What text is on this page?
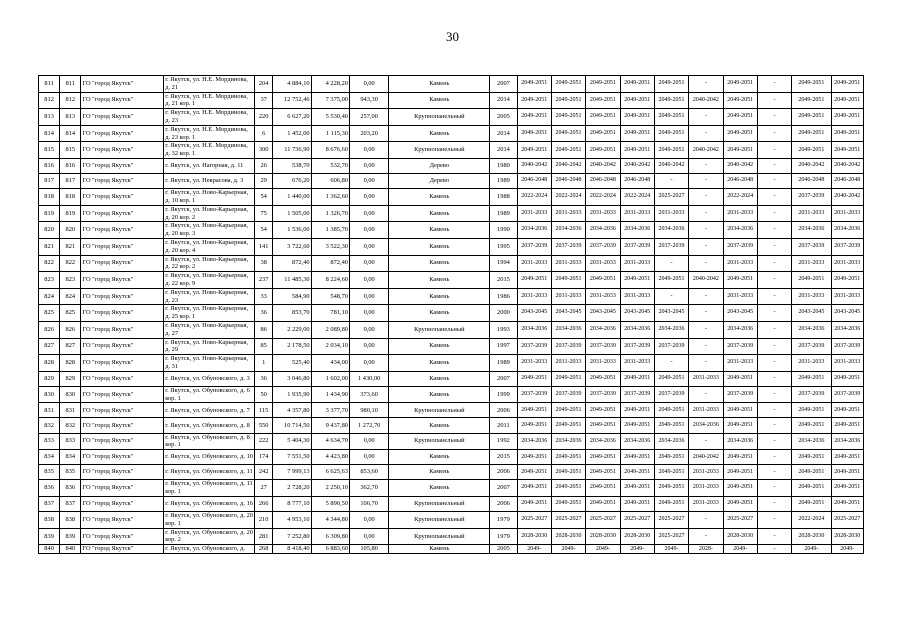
30
811	811	ГО "город Якутск"	г. Якутск, ул. Н.Е. Мординова, д. 21	204	4 884,10	4 228,20	0,00	Камень	2007	2049-2051	2049-2051	2049-2051	2049-2051	2049-2051	-	2049-2051	-	2049-2051	2049-2051
812	812	ГО "город Якутск"	г. Якутск, ул. Н.Е. Мординова, д. 21 кор. 1	37	12 752,46	7 375,00	943,30	Камень	2014	2049-2051	2049-2051	2049-2051	2049-2051	2049-2051	2040-2042	2049-2051	-	2049-2051	2049-2051
813	813	ГО "город Якутск"	г. Якутск, ул. Н.Е. Мординова, д. 23	220	6 627,20	5 530,40	257,00	Крупнопанельный	2005	2049-2051	2049-2051	2049-2051	2049-2051	2049-2051	-	2049-2051	-	2049-2051	2049-2051
814	814	ГО "город Якутск"	г. Якутск, ул. Н.Е. Мординова, д. 23 кор. 1	6	1 452,00	1 115,30	203,20	Камень	2014	2049-2051	2049-2051	2049-2051	2049-2051	2049-2051	-	2049-2051	-	2049-2051	2049-2051
815	815	ГО "город Якутск"	г. Якутск, ул. Н.Е. Мординова, д. 32 кор. 1	300	11 736,90	8 676,60	0,00	Крупнопанельный	2014	2049-2051	2049-2051	2049-2051	2049-2051	2049-2051	2040-2042	2049-2051	-	2049-2051	2049-2051
816	816	ГО "город Якутск"	г. Якутск, ул. Нагорная, д. 11	26	538,70	532,70	0,00	Дерево	1980	2040-2042	2040-2042	2040-2042	2040-2042	2040-2042	-	2040-2042	-	2040-2042	2040-2042
817	817	ГО "город Якутск"	г. Якутск, ул. Некрасова, д. 3	29	676,20	606,80	0,00	Дерево	1989	2046-2048	2046-2048	2046-2048	2046-2048	-	-	2046-2048	-	2046-2048	2046-2048
818	818	ГО "город Якутск"	г. Якутск, ул. Ново-Карьерная, д. 10 кор. 1	54	1 440,00	1 362,60	0,00	Камень	1988	2022-2024	2022-2024	2022-2024	2022-2024	2025-2027	-	2022-2024	-	2037-2039	2040-2042
819	819	ГО "город Якутск"	г. Якутск, ул. Ново-Карьерная, д. 20 кор. 2	75	1 505,00	1 326,70	0,00	Камень	1989	2031-2033	2031-2033	2031-2033	2031-2033	2031-2033	-	2031-2033	-	2031-2033	2031-2033
820	820	ГО "город Якутск"	г. Якутск, ул. Ново-Карьерная, д. 20 кор. 3	54	1 536,00	1 385,70	0,00	Камень	1990	2034-2036	2034-2036	2034-2036	2034-2036	2034-2036	-	2034-2036	-	2034-2036	2034-2036
821	821	ГО "город Якутск"	г. Якутск, ул. Ново-Карьерная, д. 20 кор. 4	141	3 722,60	3 522,30	0,00	Камень	1995	2037-2039	2037-2039	2037-2039	2037-2039	2037-2039	-	2037-2039	-	2037-2039	2037-2039
822	822	ГО "город Якутск"	г. Якутск, ул. Ново-Карьерная, д. 22 кор. 2	38	872,40	872,40	0,00	Камень	1994	2031-2033	2031-2033	2031-2033	2031-2033	-	-	2031-2033	-	2031-2033	2031-2033
823	823	ГО "город Якутск"	г. Якутск, ул. Ново-Карьерная, д. 22 кор. 9	237	11 485,30	8 224,60	0,00	Камень	2015	2049-2051	2049-2051	2049-2051	2049-2051	2049-2051	2040-2042	2049-2051	-	2049-2051	2049-2051
824	824	ГО "город Якутск"	г. Якутск, ул. Ново-Карьерная, д. 23	33	584,90	548,70	0,00	Камень	1986	2031-2033	2031-2033	2031-2033	2031-2033	-	-	2031-2033	-	2031-2033	2031-2033
825	825	ГО "город Якутск"	г. Якутск, ул. Ново-Карьерная, д. 25 кор. 1	36	853,70	781,10	0,00	Камень	2000	2043-2045	2043-2045	2043-2045	2043-2045	2043-2045	-	2043-2045	-	2043-2045	2043-2045
826	826	ГО "город Якутск"	г. Якутск, ул. Ново-Карьерная, д. 27	86	2 229,00	2 089,80	0,00	Крупнопанельный	1993	2034-2036	2034-2036	2034-2036	2034-2036	2034-2036	-	2034-2036	-	2034-2036	2034-2036
827	827	ГО "город Якутск"	г. Якутск, ул. Ново-Карьерная, д. 29	85	2 178,50	2 034,10	0,00	Камень	1997	2037-2039	2037-2039	2037-2039	2037-2039	2037-2039	-	2037-2039	-	2037-2039	2037-2039
828	828	ГО "город Якутск"	г. Якутск, ул. Ново-Карьерная, д. 31	1	525,40	434,00	0,00	Камень	1989	2031-2033	2031-2033	2031-2033	2031-2033	-	-	2031-2033	-	2031-2033	2031-2033
829	829	ГО "город Якутск"	г. Якутск, ул. Обуновского, д. 3	36	3 046,80	1 602,00	1 430,00	Камень	2007	2049-2051	2049-2051	2049-2051	2049-2051	2049-2051	2031-2033	2049-2051	-	2049-2051	2049-2051
830	830	ГО "город Якутск"	г. Якутск, ул. Обуновского, д. 6 кор. 1	50	1 935,90	1 434,90	373,60	Камень	1999	2037-2039	2037-2039	2037-2039	2037-2039	2037-2039	-	2037-2039	-	2037-2039	2037-2039
831	831	ГО "город Якутск"	г. Якутск, ул. Обуновского, д. 7	115	4 357,80	3 377,70	980,10	Крупнопанельный	2006	2049-2051	2049-2051	2049-2051	2049-2051	2049-2051	2031-2033	2049-2051	-	2049-2051	2049-2051
832	832	ГО "город Якутск"	г. Якутск, ул. Обуновского, д. 8	550	10 714,50	9 437,80	1 272,70	Камень	2011	2049-2051	2049-2051	2049-2051	2049-2051	2049-2051	2034-2036	2049-2051	-	2049-2051	2049-2051
833	833	ГО "город Якутск"	г. Якутск, ул. Обуновского, д. 8 кор. 1	222	5 404,30	4 634,70	0,00	Крупнопанельный	1992	2034-2036	2034-2036	2034-2036	2034-2036	2034-2036	-	2034-2036	-	2034-2036	2034-2036
834	834	ГО "город Якутск"	г. Якутск, ул. Обуновского, д. 10	174	7 551,50	4 423,80	0,00	Камень	2015	2049-2051	2049-2051	2049-2051	2049-2051	2049-2051	2040-2042	2049-2051	-	2049-2051	2049-2051
835	835	ГО "город Якутск"	г. Якутск, ул. Обуновского, д. 11	242	7 999,13	6 625,63	853,60	Камень	2006	2049-2051	2049-2051	2049-2051	2049-2051	2049-2051	2031-2033	2049-2051	-	2049-2051	2049-2051
836	836	ГО "город Якутск"	г. Якутск, ул. Обуновского, д. 11 кор. 1	27	2 728,20	2 250,10	362,70	Камень	2007	2049-2051	2049-2051	2049-2051	2049-2051	2049-2051	2031-2033	2049-2051	-	2049-2051	2049-2051
837	837	ГО "город Якутск"	г. Якутск, ул. Обуновского, д. 16	266	8 777,10	5 890,50	106,70	Крупнопанельный	2006	2049-2051	2049-2051	2049-2051	2049-2051	2049-2051	2031-2033	2049-2051	-	2049-2051	2049-2051
838	838	ГО "город Якутск"	г. Якутск, ул. Обуновского, д. 20 кор. 1	210	4 953,10	4 344,80	0,00	Крупнопанельный	1979	2025-2027	2025-2027	2025-2027	2025-2027	2025-2027	-	2025-2027	-	2022-2024	2025-2027
839	839	ГО "город Якутск"	г. Якутск, ул. Обуновского, д. 20 кор. 2	281	7 252,80	6 309,80	0,00	Крупнопанельный	1979	2028-2030	2028-2030	2028-2030	2028-2030	2025-2027	-	2028-2030	-	2028-2030	2028-2030
840	840	ГО "город Якутск"	г. Якутск, ул. Обуновского, д.	268	8 418,40	6 883,60	105,80	Камень	2005	2049-	2049-	2049-	2049-	2049-	2028-	2049-	-	2049-	2049-
